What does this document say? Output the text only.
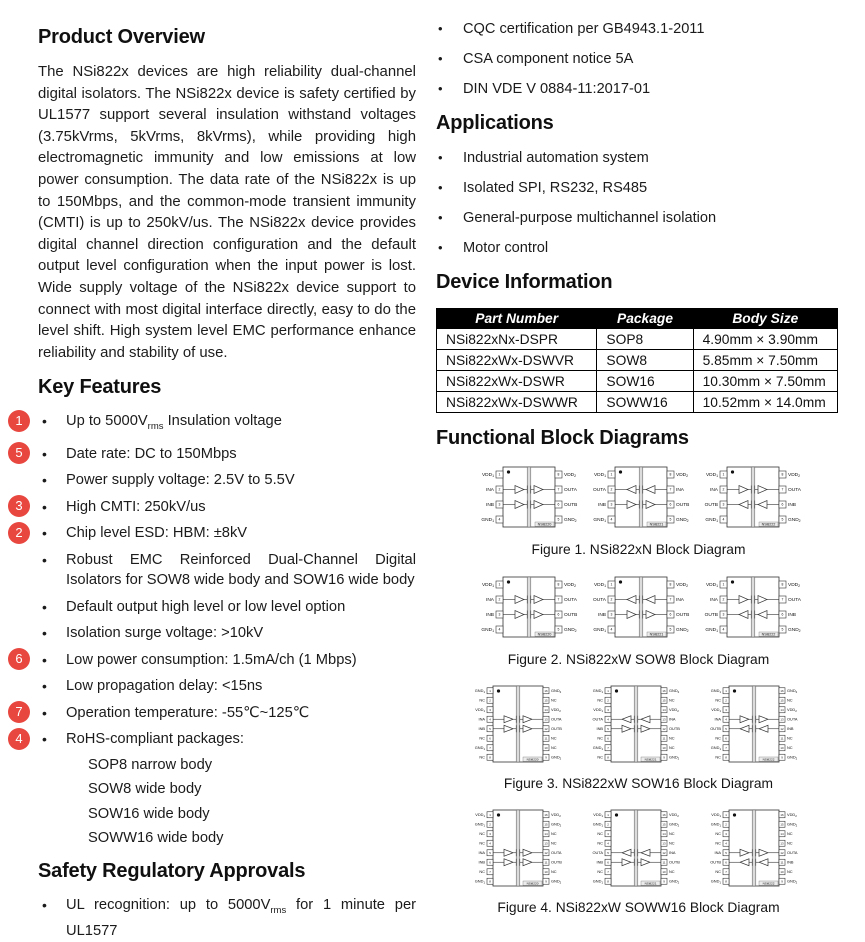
Product Overview

The NSi822x devices are high reliability dual-channel digital isolators. The NSi822x device is safety certified by UL1577 support several insulation withstand voltages (3.75kVrms, 5kVrms, 8kVrms), while providing high electromagnetic immunity and low emissions at low power consumption. The data rate of the NSi822x is up to 150Mbps, and the common-mode transient immunity (CMTI) is up to 250kV/us. The NSi822x device provides digital channel direction configuration and the default output level configuration when the input power is lost. Wide supply voltage of the NSi822x device support to connect with most digital interface directly, easy to do the level shift. High system level EMC performance enhance reliability and stability of use.

Key Features
• 1	Up to $5000V_{rms}$ Insulation voltage
• 5	Date rate: DC to 150Mbps
• Power supply voltage: 2.5V to 5.5V
• 3	High CMTI: 250kV/us
• 2	Chip level ESD: HBM: ±8kV
• Robust EMC Reinforced Dual-Channel Digital Isolators for SOW8 wide body and SOW16 wide body
• Default output high level or low level option
• Isolation surge voltage: >10kV
• 6	Low power consumption: 1.5mA/ch (1 Mbps)
• Low propagation delay: <15ns
• 7	Operation temperature: -55℃~125℃
• 4	RoHS-compliant packages:
SOP8 narrow body
SOW8 wide body
SOW16 wide body
SOWW16 wide body
Safety Regulatory Approvals
• UL recognition: up to $5000V_{rms}$ for 1 minute per UL1577
• CQC certification per GB4943.1-2011
• CSA component notice 5A
• DIN VDE V 0884-11:2017-01
Applications
• Industrial automation system
• Isolated SPI, RS232, RS485
• General-purpose multichannel isolation
• Motor control
Device Information
Part Number	Package	Body Size
NSi822xNx-DSPR	SOP8	4.90mm × 3.90mm
NSi822xWx-DSWVR	SOW8	5.85mm × 7.50mm
NSi822xWx-DSWR	SOW16	10.30mm × 7.50mm
NSi822xWx-DSWWR	SOWW16	10.52mm × 14.0mm
Functional Block Diagrams
1
$VDD_1$	8 $VDD_2$
2
INA	7 OUTA
3
INB	6 OUTB
4
$GND_1$	5 $GND_2$
NSi8220
1
$VDD_1$	8 $VDD_2$
2
OUTA	7 INA
3
INB	6 OUTB
4
$GND_1$	5 $GND_2$
NSi8221
1
$VDD_1$	8 $VDD_2$
2
INA	7 OUTA
3
OUTB	6 INB
4
$GND_1$	5 $GND_2$
NSi8222
Figure 1. NSi822xN Block Diagram
1
$VDD_1$	8 $VDD_2$
2
INA	7 OUTA
3
INB	6 OUTB
4
$GND_1$	5 $GND_2$
NSi8220
1
$VDD_1$	8 $VDD_2$
2
OUTA	7 INA
3
INB	6 OUTB
4
$GND_1$	5 $GND_2$
NSi8221
1
$VDD_1$	8 $VDD_2$
2
INA	7 OUTA
3
OUTB	6 INB
4
$GND_1$	5 $GND_2$
NSi8222
Figure 2. NSi822xW SOW8 Block Diagram
1
$GND_1$	16 $GND_2$
2
NC	15 NC
3
$VDD_1$	14 $VDD_2$
4
INA	13 OUTA
5
INB	12 OUTB
6
NC	11 NC
7
$GND_1$	10 NC
8
NC	9 $GND_2$
NSi8220
1
$GND_1$	16 $GND_2$
2
NC	15 NC
3
$VDD_1$	14 $VDD_2$
4
OUTA	13 INA
5
INB	12 OUTB
6
NC	11 NC
7
$GND_1$	10 NC
8
NC	9 $GND_2$
NSi8221
1
$GND_1$	16 $GND_2$
2
NC	15 NC
3
$VDD_1$	14 $VDD_2$
4
INA	13 OUTA
5
OUTB	12 INB
6
NC	11 NC
7
$GND_1$	10 NC
8
NC	9 $GND_2$
NSi8222
Figure 3. NSi822xW SOW16 Block Diagram
1
$VDD_1$	16 $VDD_2$
2
$GND_1$	15 $GND_2$
3
NC	14 NC
4
NC	13 NC
5
INA	12 OUTA
6
INB	11 OUTB
7
NC	10 NC
8
$GND_1$	9 $GND_2$
NSi8220
1
$VDD_1$	16 $VDD_2$
2
$GND_1$	15 $GND_2$
3
NC	14 NC
4
NC	13 NC
5
OUTA	12 INA
6
INB	11 OUTB
7
NC	10 NC
8
$GND_1$	9 $GND_2$
NSi8221
1
$VDD_1$	16 $VDD_2$
2
$GND_1$	15 $GND_2$
3
NC	14 NC
4
NC	13 NC
5
INA	12 OUTA
6
OUTB	11 INB
7
NC	10 NC
8
$GND_1$	9 $GND_2$
NSi8222
Figure 4. NSi822xW SOWW16 Block Diagram
